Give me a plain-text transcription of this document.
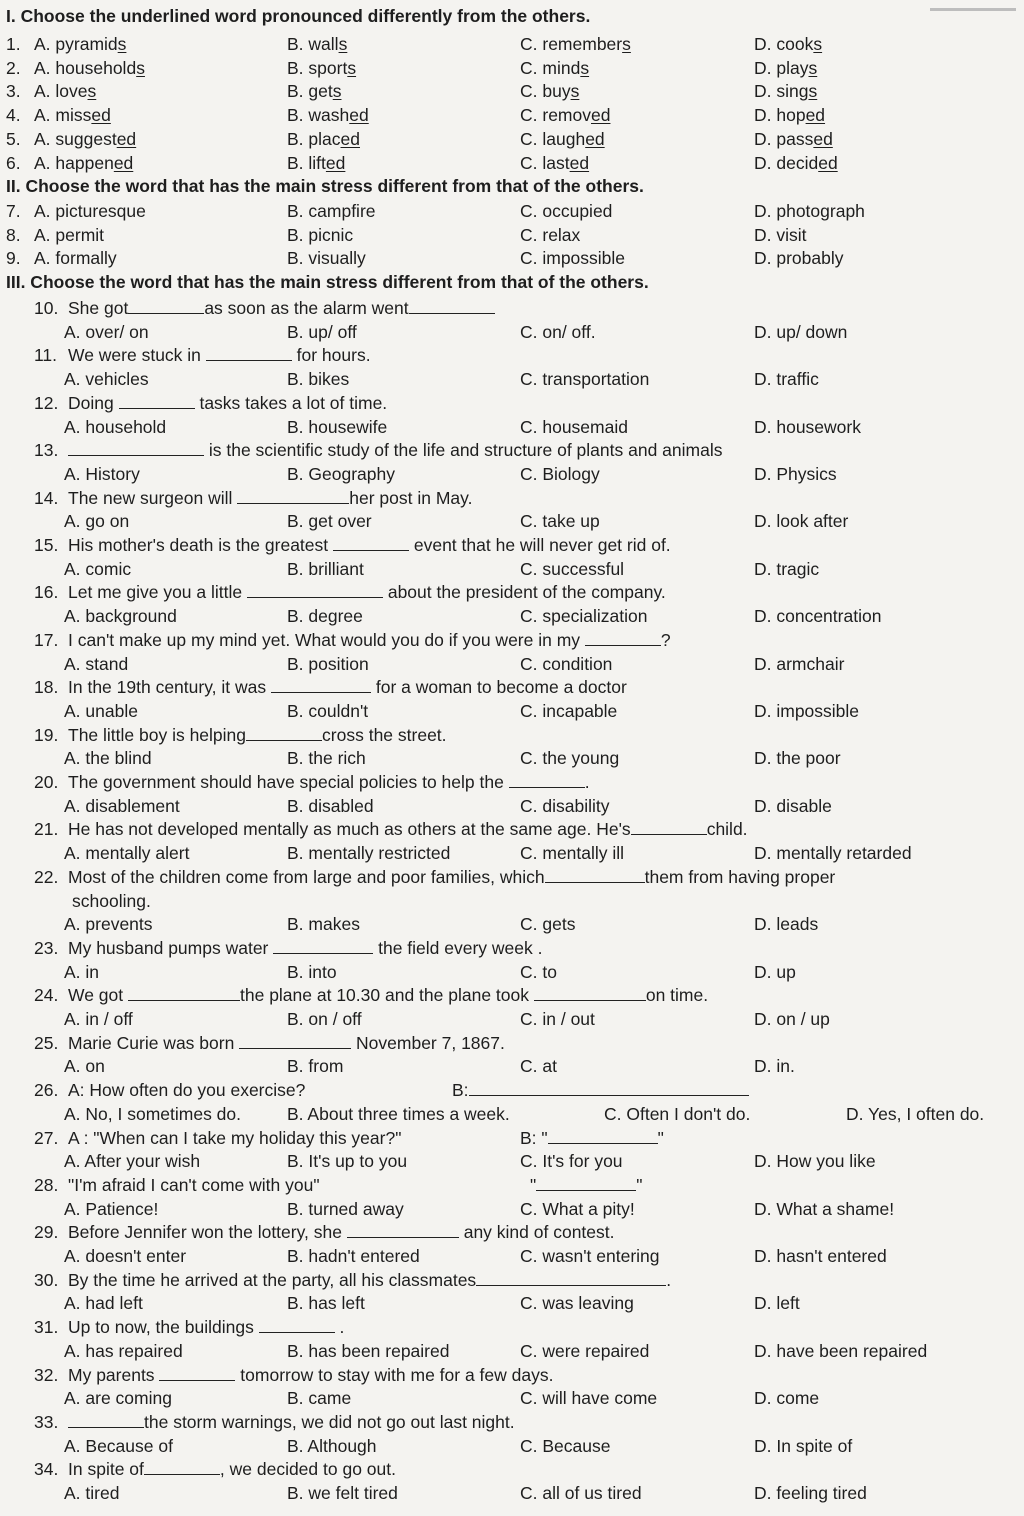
I. Choose the underlined word pronounced differently from the others.
II. Choose the word that has the main stress different from that of the others.
III. Choose the word that has the main stress different from that of the others.
1. A. pyramids	B. walls	C. remembers	D. cooks
2. A. households	B. sports	C. minds	D. plays
3. A. loves	B. gets	C. buys	D. sings
4. A. missed	B. washed	C. removed	D. hoped
5. A. suggested	B. placed	C. laughed	D. passed
6. A. happened	B. lifted	C. lasted	D. decided
7. A. picturesque	B. campfire	C. occupied	D. photograph
8. A. permit	B. picnic	C. relax	D. visit
9. A. formally	B. visually	C. impossible	D. probably
10. She got	as soon as the alarm went
A. over/ on	B. up/ off	C. on/ off.	D. up/ down
11. We were stuck in	for hours.
A. vehicles	B. bikes	C. transportation	D. traffic
12. Doing	tasks takes a lot of time.
A. household	B. housewife	C. housemaid	D. housework
13.	is the scientific study of the life and structure of plants and animals
A. History	B. Geography	C. Biology	D. Physics
14. The new surgeon will	her post in May.
A. go on	B. get over	C. take up	D. look after
15. His mother's death is the greatest	event that he will never get rid of.
A. comic	B. brilliant	C. successful	D. tragic
16. Let me give you a little	about the president of the company.
A. background	B. degree	C. specialization	D. concentration
17. I can't make up my mind yet. What would you do if you were in my	?
A. stand	B. position	C. condition	D. armchair
18. In the 19th century, it was	for a woman to become a doctor
A. unable	B. couldn't	C. incapable	D. impossible
19. The little boy is helping	cross the street.
A. the blind	B. the rich	C. the young	D. the poor
20. The government should have special policies to help the	.
A. disablement	B. disabled	C. disability	D. disable
21. He has not developed mentally as much as others at the same age. He's	child.
A. mentally alert	B. mentally restricted	C. mentally ill	D. mentally retarded
22. Most of the children come from large and poor families, which	them from having proper
schooling.
A. prevents	B. makes	C. gets	D. leads
23. My husband pumps water	the field every week .
A. in	B. into	C. to	D. up
24. We got	the plane at 10.30 and the plane took	on time.
A. in / off	B. on / off	C. in / out	D. on / up
25. Marie Curie was born	November 7, 1867.
A. on	B. from	C. at	D. in.
26. A: How often do you exercise?	B:
A. No, I sometimes do.	B. About three times a week.	C. Often I don't do.	D. Yes, I often do.
27. A : "When can I take my holiday this year?"	B: "	"
A. After your wish	B. It's up to you	C. It's for you	D. How you like
28. "I'm afraid I can't come with you"	"	"
A. Patience!	B. turned away	C. What a pity!	D. What a shame!
29. Before Jennifer won the lottery, she	any kind of contest.
A. doesn't enter	B. hadn't entered	C. wasn't entering	D. hasn't entered
30. By the time he arrived at the party, all his classmates	.
A. had left	B. has left	C. was leaving	D. left
31. Up to now, the buildings	.
A. has repaired	B. has been repaired	C. were repaired	D. have been repaired
32. My parents	tomorrow to stay with me for a few days.
A. are coming	B. came	C. will have come	D. come
33.	the storm warnings, we did not go out last night.
A. Because of	B. Although	C. Because	D. In spite of
34. In spite of	, we decided to go out.
A. tired	B. we felt tired	C. all of us tired	D. feeling tired
